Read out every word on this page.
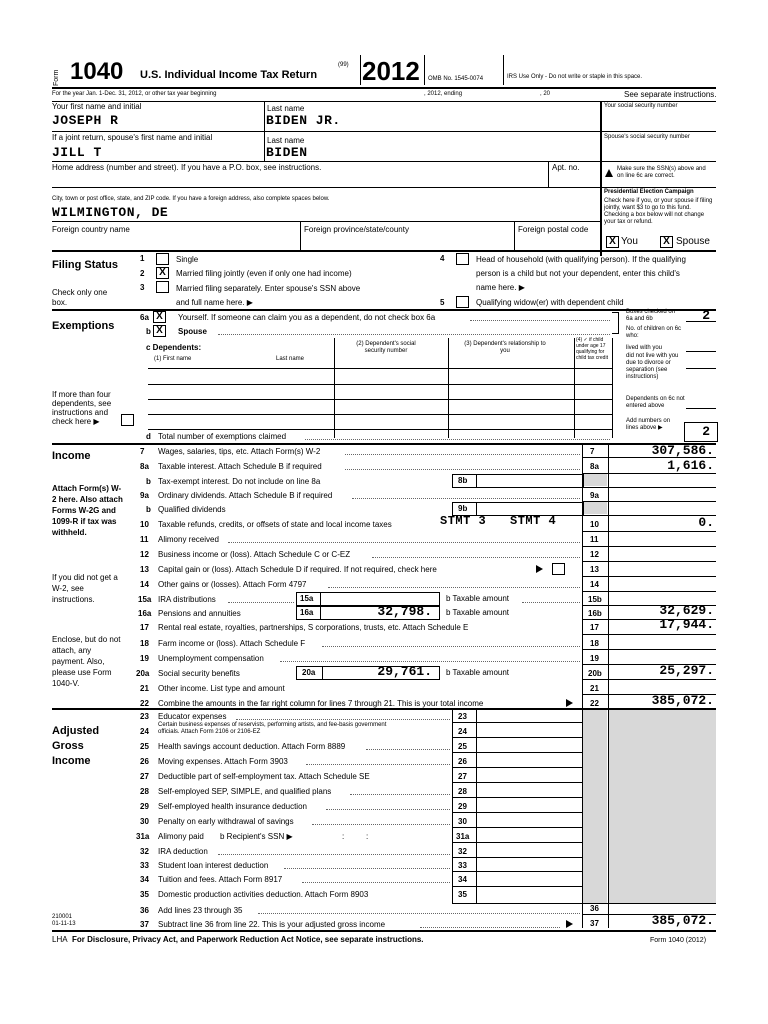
Form 1040 U.S. Individual Income Tax Return
(99) 2012 OMB No. 1545-0074	IRS Use Only - Do not write or staple in this space.
For the year Jan. 1-Dec. 31, 2012, or other tax year beginning	, 2012, ending	, 20	See separate instructions.
Your first name and initial
JOSEPH R
Last name
BIDEN JR.
Your social security number
If a joint return, spouse's first name and initial
JILL T
Last name
BIDEN
Spouse's social security number
Home address (number and street). If you have a P.O. box, see instructions.	Apt. no.	Make sure the SSN(s) above and on line 6c are correct.
City, town or post office, state, and ZIP code. If you have a foreign address, also complete spaces below.
WILMINGTON, DE
Presidential Election Campaign
Check here if you, or your spouse if filing jointly, want $3 to go to this fund. Checking a box below will not change your tax or refund.
Foreign country name	Foreign province/state/county	Foreign postal code
X You	X Spouse
Filing Status
Check only one box.
1	Single
2	X	Married filing jointly (even if only one had income)
3	Married filing separately. Enter spouse's SSN above
and full name here. ▶
4	Head of household (with qualifying person). If the qualifying
person is a child but not your dependent, enter this child's
name here. ▶
5	Qualifying widow(er) with dependent child
Exemptions
6a X	Yourself. If someone can claim you as a dependent, do not check box 6a
b X	Spouse
Boxes checked on 6a and 6b	2
No. of children on 6c who:
lived with you
did not live with you due to divorce or separation (see instructions)
c Dependents:
(1) First name	Last name
(2) Dependent's social security number
(3) Dependent's relationship to you
(4) ✓ if child under age 17 qualifying for child tax credit
If more than four dependents, see instructions and check here ▶
Dependents on 6c not entered above
Add numbers on lines above ▶	2
d Total number of exemptions claimed
Income
Attach Form(s) W-2 here. Also attach Forms W-2G and 1099-R if tax was withheld.
If you did not get a W-2, see instructions.
Enclose, but do not attach, any payment. Also, please use Form 1040-V.
7	Wages, salaries, tips, etc. Attach Form(s) W-2	7	307,586.
8a Taxable interest. Attach Schedule B if required	8a	1,616.
b Tax-exempt interest. Do not include on line 8a	8b
9a Ordinary dividends. Attach Schedule B if required	9a
b Qualified dividends	9b
10	Taxable refunds, credits, or offsets of state and local income taxes	STMT 3 STMT 4	10	0.
11	Alimony received	11
12	Business income or (loss). Attach Schedule C or C-EZ	12
13	Capital gain or (loss). Attach Schedule D if required. If not required, check here	13
14	Other gains or (losses). Attach Form 4797	14
15a IRA distributions	15a	b Taxable amount	15b
16a Pensions and annuities	16a	32,798. b Taxable amount	16b	32,629.
17	Rental real estate, royalties, partnerships, S corporations, trusts, etc. Attach Schedule E	17	17,944.
18	Farm income or (loss). Attach Schedule F	18
19	Unemployment compensation	19
20a Social security benefits	20a	29,761. b Taxable amount	20b	25,297.
21	Other income. List type and amount	21
22	Combine the amounts in the far right column for lines 7 through 21. This is your total income	22	385,072.
Adjusted
Gross
Income
23	Educator expenses	23
24
Certain business expenses of reservists, performing artists, and fee-basis government
officials. Attach Form 2106 or 2106-EZ	24
25	Health savings account deduction. Attach Form 8889	25
26	Moving expenses. Attach Form 3903	26
27	Deductible part of self-employment tax. Attach Schedule SE	27
28	Self-employed SEP, SIMPLE, and qualified plans	28
29	Self-employed health insurance deduction	29
30	Penalty on early withdrawal of savings	30
31a Alimony paid b Recipient's SSN ▶	:	:	31a
32	IRA deduction	32
33	Student loan interest deduction	33
34	Tuition and fees. Attach Form 8917	34
35	Domestic production activities deduction. Attach Form 8903	35
36	Add lines 23 through 35	36
37	Subtract line 36 from line 22. This is your adjusted gross income	37	385,072.
210001
01-11-13
LHA For Disclosure, Privacy Act, and Paperwork Reduction Act Notice, see separate instructions.	Form 1040 (2012)
